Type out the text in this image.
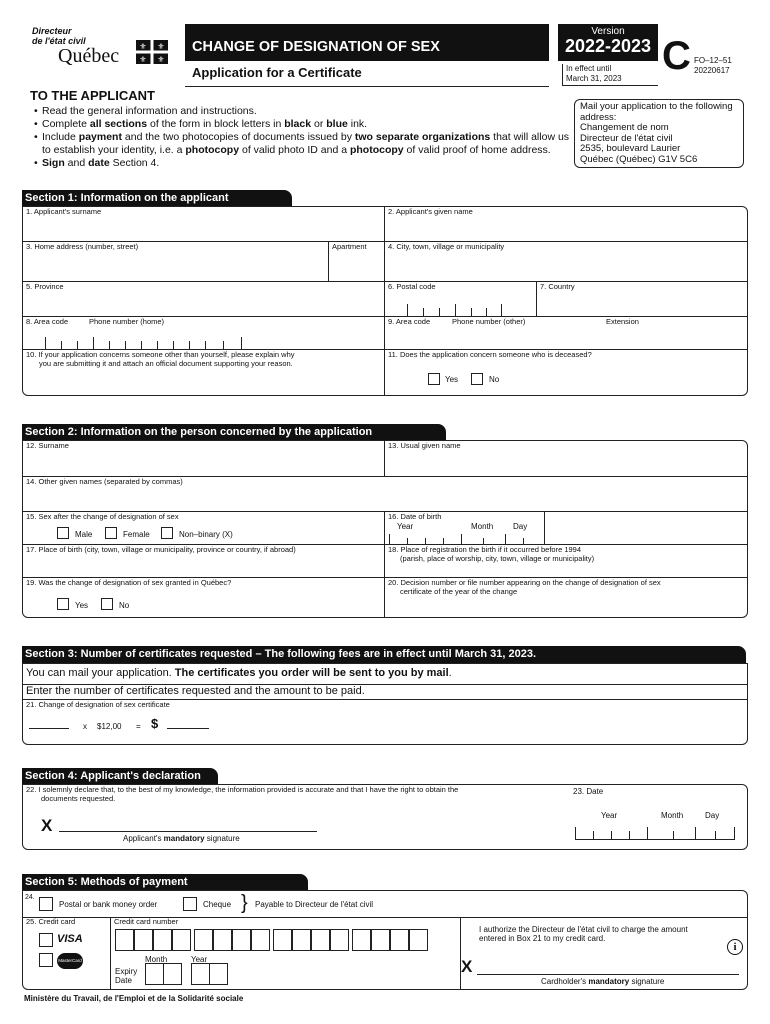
Directeur
de l'état civil
Québec	⚜ ⚜
⚜ ⚜
CHANGE OF DESIGNATION OF SEX
Application for a Certificate
Version
2022-2023
In effect until
March 31, 2023
C FO–12–51
20220617
Mail your application to the following
address:
Changement de nom
Directeur de l'état civil
2535, boulevard Laurier
Québec (Québec) G1V 5C6
TO THE APPLICANT
• Read the general information and instructions.
• Complete all sections of the form in block letters in black or blue ink.
• Include payment and the two photocopies of documents issued by two separate organizations that will allow us to establish your identity, i.e. a photocopy of valid photo ID and a photocopy of valid proof of home address.
• Sign and date Section 4.
Section 1: Information on the applicant
1. Applicant's surname	2. Applicant's given name
3. Home address (number, street)	Apartment	4. City, town, village or municipality
5. Province	6. Postal code	7. Country
8. Area code	Phone number (home)	9. Area code	Phone number (other)	Extension
10. If your application concerns someone other than yourself, please explain why
you are submitting it and attach an official document supporting your reason.
11. Does the application concern someone who is deceased?
Yes	No
Section 2: Information on the person concerned by the application
12. Surname	13. Usual given name
14. Other given names (separated by commas)
15. Sex after the change of designation of sex
Male	Female	Non–binary (X)
16. Date of birth
Year	Month Day
17. Place of birth (city, town, village or municipality, province or country, if abroad)	18. Place of registration the birth if it occurred before 1994
(parish, place of worship, city, town, village or municipality)
19. Was the change of designation of sex granted in Québec?
Yes	No
20. Decision number or file number appearing on the change of designation of sex
certificate of the year of the change
Section 3: Number of certificates requested – The following fees are in effect until March 31, 2023.
You can mail your application. The certificates you order will be sent to you by mail.
Enter the number of certificates requested and the amount to be paid.
21. Change of designation of sex certificate
x $12,00 = $
Section 4: Applicant's declaration
22. I solemnly declare that, to the best of my knowledge, the information provided is accurate and that I have the right to obtain the
documents requested.
X
Applicant's mandatory signature
23. Date
Year	Month	Day
Section 5: Methods of payment
24.
Postal or bank money order	Cheque } Payable to Directeur de l'état civil
25. Credit card
VISA
MasterCard
Credit card number
Month	Year
Expiry
Date
I authorize the Directeur de l'état civil to charge the amount
entered in Box 21 to my credit card.
i
X
Cardholder's mandatory signature
Ministère du Travail, de l'Emploi et de la Solidarité sociale
